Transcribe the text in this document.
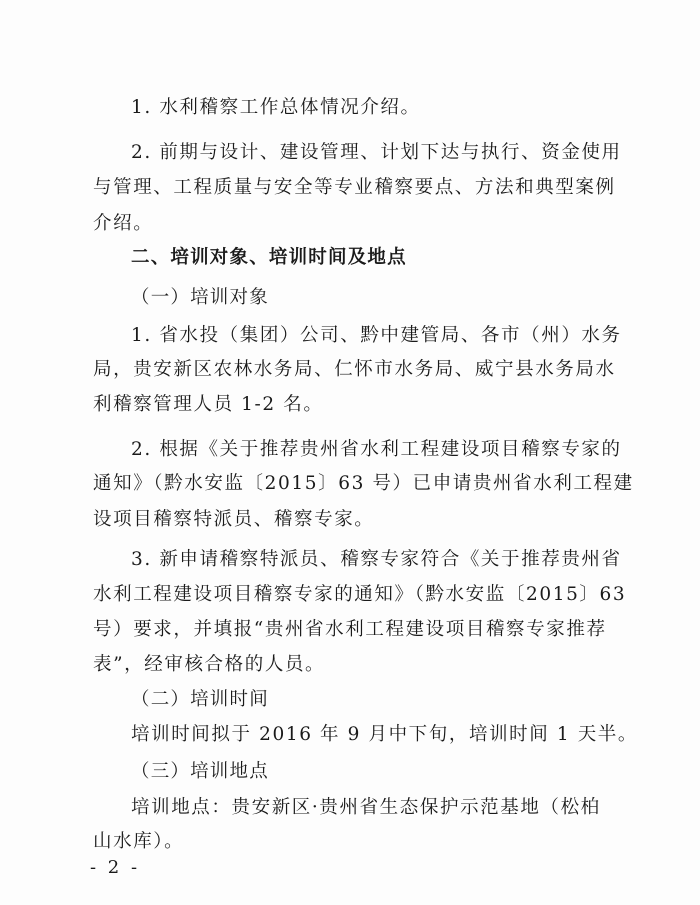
1. 水利稽察工作总体情况介绍。
2. 前期与设计、建设管理、计划下达与执行、资金使用
与管理、工程质量与安全等专业稽察要点、方法和典型案例
介绍。
二、培训对象、培训时间及地点
（一）培训对象
1. 省水投（集团）公司、黔中建管局、各市（州）水务
局，贵安新区农林水务局、仁怀市水务局、威宁县水务局水
利稽察管理人员 1-2 名。
2. 根据《关于推荐贵州省水利工程建设项目稽察专家的
通知》（黔水安监〔2015〕63 号）已申请贵州省水利工程建
设项目稽察特派员、稽察专家。
3. 新申请稽察特派员、稽察专家符合《关于推荐贵州省
水利工程建设项目稽察专家的通知》（黔水安监〔2015〕63
号）要求，并填报“贵州省水利工程建设项目稽察专家推荐
表”，经审核合格的人员。
（二）培训时间
培训时间拟于 2016 年 9 月中下旬，培训时间 1 天半。
（三）培训地点
培训地点：贵安新区·贵州省生态保护示范基地（松柏
山水库）。
- 2 -
